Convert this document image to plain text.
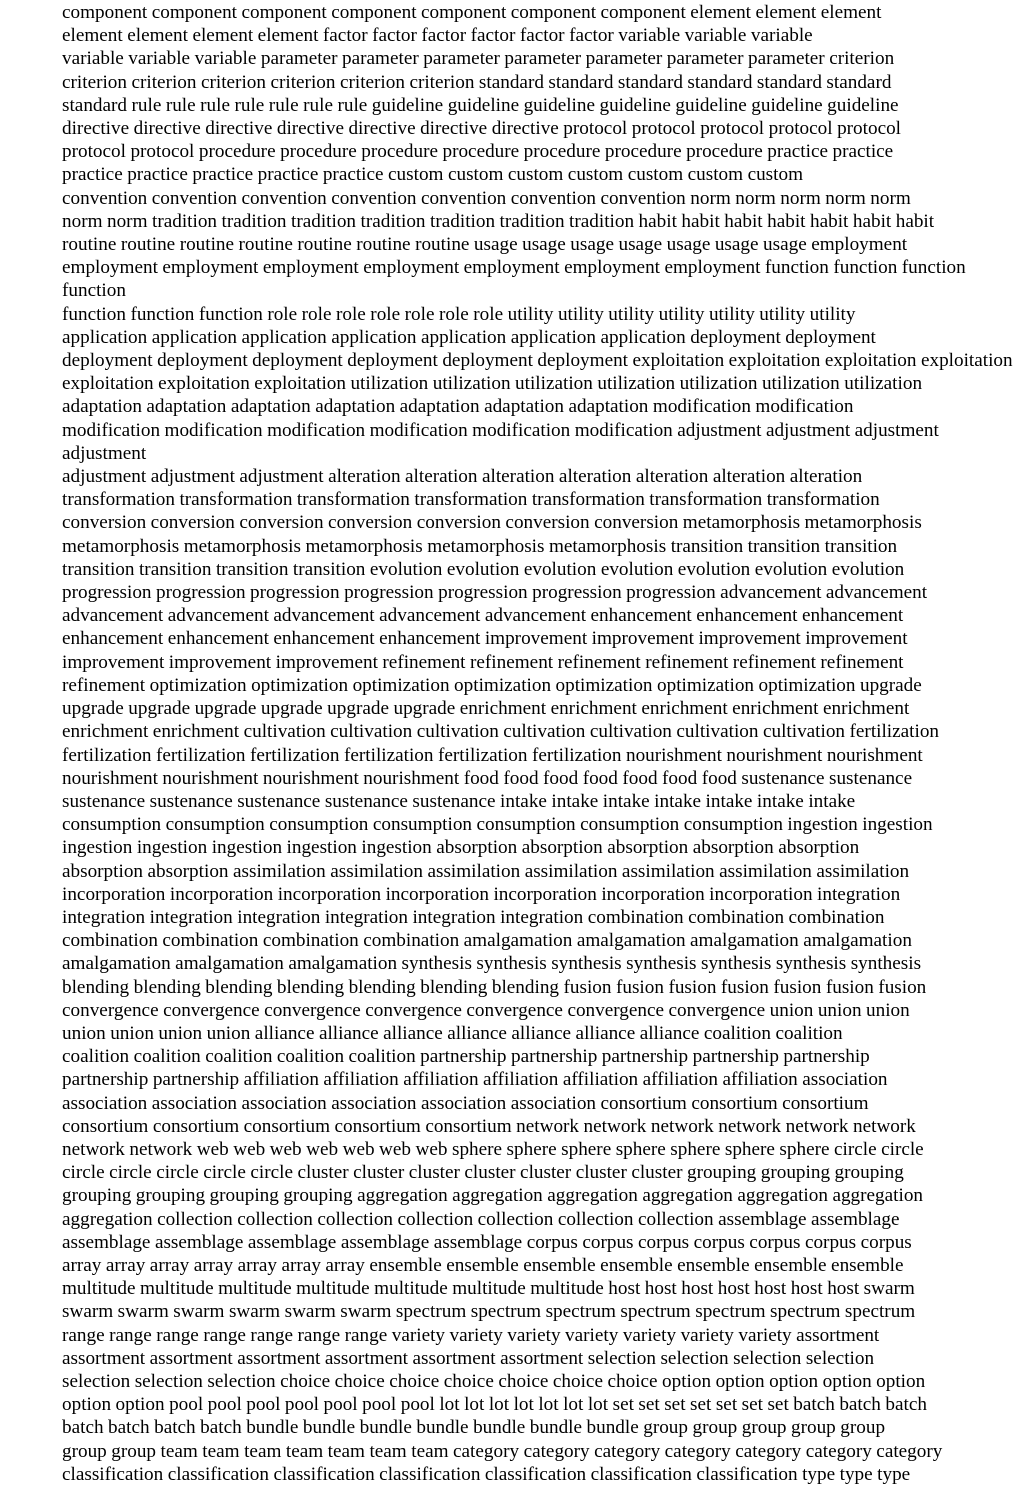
component component component component component component component element element element
element element element element factor factor factor factor factor factor variable variable variable
variable variable variable parameter parameter parameter parameter parameter parameter parameter criterion
criterion criterion criterion criterion criterion criterion standard standard standard standard standard standard
standard rule rule rule rule rule rule rule guideline guideline guideline guideline guideline guideline guideline
directive directive directive directive directive directive directive protocol protocol protocol protocol protocol
protocol protocol procedure procedure procedure procedure procedure procedure procedure practice practice
practice practice practice practice practice custom custom custom custom custom custom custom
convention convention convention convention convention convention convention norm norm norm norm norm
norm norm tradition tradition tradition tradition tradition tradition tradition habit habit habit habit habit habit habit
routine routine routine routine routine routine routine usage usage usage usage usage usage usage employment
employment employment employment employment employment employment employment function function function function
function function function role role role role role role role utility utility utility utility utility utility utility
application application application application application application application deployment deployment
deployment deployment deployment deployment deployment deployment exploitation exploitation exploitation exploitation
exploitation exploitation exploitation utilization utilization utilization utilization utilization utilization utilization
adaptation adaptation adaptation adaptation adaptation adaptation adaptation modification modification
modification modification modification modification modification modification adjustment adjustment adjustment adjustment
adjustment adjustment adjustment alteration alteration alteration alteration alteration alteration alteration
transformation transformation transformation transformation transformation transformation transformation
conversion conversion conversion conversion conversion conversion conversion metamorphosis metamorphosis
metamorphosis metamorphosis metamorphosis metamorphosis metamorphosis transition transition transition
transition transition transition transition evolution evolution evolution evolution evolution evolution evolution
progression progression progression progression progression progression progression advancement advancement
advancement advancement advancement advancement advancement enhancement enhancement enhancement
enhancement enhancement enhancement enhancement improvement improvement improvement improvement
improvement improvement improvement refinement refinement refinement refinement refinement refinement
refinement optimization optimization optimization optimization optimization optimization optimization upgrade
upgrade upgrade upgrade upgrade upgrade upgrade enrichment enrichment enrichment enrichment enrichment
enrichment enrichment cultivation cultivation cultivation cultivation cultivation cultivation cultivation fertilization
fertilization fertilization fertilization fertilization fertilization fertilization nourishment nourishment nourishment
nourishment nourishment nourishment nourishment food food food food food food food sustenance sustenance
sustenance sustenance sustenance sustenance sustenance intake intake intake intake intake intake intake
consumption consumption consumption consumption consumption consumption consumption ingestion ingestion
ingestion ingestion ingestion ingestion ingestion absorption absorption absorption absorption absorption
absorption absorption assimilation assimilation assimilation assimilation assimilation assimilation assimilation
incorporation incorporation incorporation incorporation incorporation incorporation incorporation integration
integration integration integration integration integration integration combination combination combination
combination combination combination combination amalgamation amalgamation amalgamation amalgamation
amalgamation amalgamation amalgamation synthesis synthesis synthesis synthesis synthesis synthesis synthesis
blending blending blending blending blending blending blending fusion fusion fusion fusion fusion fusion fusion
convergence convergence convergence convergence convergence convergence convergence union union union
union union union union alliance alliance alliance alliance alliance alliance alliance coalition coalition
coalition coalition coalition coalition coalition partnership partnership partnership partnership partnership
partnership partnership affiliation affiliation affiliation affiliation affiliation affiliation affiliation association
association association association association association association consortium consortium consortium
consortium consortium consortium consortium consortium network network network network network network
network network web web web web web web web sphere sphere sphere sphere sphere sphere sphere circle circle
circle circle circle circle circle cluster cluster cluster cluster cluster cluster cluster grouping grouping grouping
grouping grouping grouping grouping aggregation aggregation aggregation aggregation aggregation aggregation
aggregation collection collection collection collection collection collection collection assemblage assemblage
assemblage assemblage assemblage assemblage assemblage corpus corpus corpus corpus corpus corpus corpus
array array array array array array array ensemble ensemble ensemble ensemble ensemble ensemble ensemble
multitude multitude multitude multitude multitude multitude multitude host host host host host host host swarm
swarm swarm swarm swarm swarm swarm spectrum spectrum spectrum spectrum spectrum spectrum spectrum
range range range range range range range variety variety variety variety variety variety variety assortment
assortment assortment assortment assortment assortment assortment selection selection selection selection
selection selection selection choice choice choice choice choice choice choice option option option option option
option option pool pool pool pool pool pool pool lot lot lot lot lot lot lot set set set set set set set batch batch batch
batch batch batch batch bundle bundle bundle bundle bundle bundle bundle group group group group group
group group team team team team team team team category category category category category category category
classification classification classification classification classification classification classification type type type
